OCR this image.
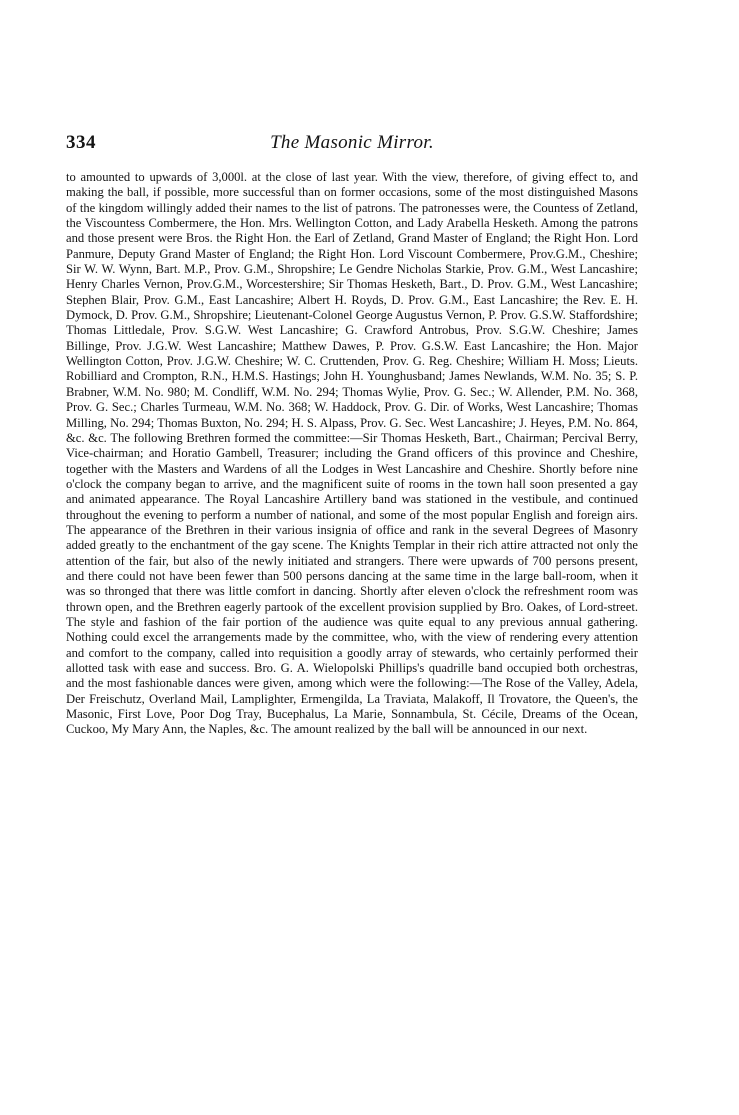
334	The Masonic Mirror.

to amounted to upwards of 3,000l. at the close of last year. With the view, therefore, of giving effect to, and making the ball, if possible, more successful than on former occasions, some of the most distinguished Masons of the kingdom willingly added their names to the list of patrons. The patronesses were, the Countess of Zetland, the Viscountess Combermere, the Hon. Mrs. Wellington Cotton, and Lady Arabella Hesketh. Among the patrons and those present were Bros. the Right Hon. the Earl of Zetland, Grand Master of England; the Right Hon. Lord Panmure, Deputy Grand Master of England; the Right Hon. Lord Viscount Combermere, Prov.G.M., Cheshire; Sir W. W. Wynn, Bart. M.P., Prov. G.M., Shropshire; Le Gendre Nicholas Starkie, Prov. G.M., West Lancashire; Henry Charles Vernon, Prov.G.M., Worcestershire; Sir Thomas Hesketh, Bart., D. Prov. G.M., West Lancashire; Stephen Blair, Prov. G.M., East Lancashire; Albert H. Royds, D. Prov. G.M., East Lancashire; the Rev. E. H. Dymock, D. Prov. G.M., Shropshire; Lieutenant-Colonel George Augustus Vernon, P. Prov. G.S.W. Staffordshire; Thomas Littledale, Prov. S.G.W. West Lancashire; G. Crawford Antrobus, Prov. S.G.W. Cheshire; James Billinge, Prov. J.G.W. West Lancashire; Matthew Dawes, P. Prov. G.S.W. East Lancashire; the Hon. Major Wellington Cotton, Prov. J.G.W. Cheshire; W. C. Cruttenden, Prov. G. Reg. Cheshire; William H. Moss; Lieuts. Robilliard and Crompton, R.N., H.M.S. Hastings; John H. Younghusband; James Newlands, W.M. No. 35; S. P. Brabner, W.M. No. 980; M. Condliff, W.M. No. 294; Thomas Wylie, Prov. G. Sec.; W. Allender, P.M. No. 368, Prov. G. Sec.; Charles Turmeau, W.M. No. 368; W. Haddock, Prov. G. Dir. of Works, West Lancashire; Thomas Milling, No. 294; Thomas Buxton, No. 294; H. S. Alpass, Prov. G. Sec. West Lancashire; J. Heyes, P.M. No. 864, &c. &c. The following Brethren formed the committee:—Sir Thomas Hesketh, Bart., Chairman; Percival Berry, Vice-chairman; and Horatio Gambell, Treasurer; including the Grand officers of this province and Cheshire, together with the Masters and Wardens of all the Lodges in West Lancashire and Cheshire. Shortly before nine o'clock the company began to arrive, and the magnificent suite of rooms in the town hall soon presented a gay and animated appearance. The Royal Lancashire Artillery band was stationed in the vestibule, and continued throughout the evening to perform a number of national, and some of the most popular English and foreign airs. The appearance of the Brethren in their various insignia of office and rank in the several Degrees of Masonry added greatly to the enchantment of the gay scene. The Knights Templar in their rich attire attracted not only the attention of the fair, but also of the newly initiated and strangers. There were upwards of 700 persons present, and there could not have been fewer than 500 persons dancing at the same time in the large ball-room, when it was so thronged that there was little comfort in dancing. Shortly after eleven o'clock the refreshment room was thrown open, and the Brethren eagerly partook of the excellent provision supplied by Bro. Oakes, of Lord-street. The style and fashion of the fair portion of the audience was quite equal to any previous annual gathering. Nothing could excel the arrangements made by the committee, who, with the view of rendering every attention and comfort to the company, called into requisition a goodly array of stewards, who certainly performed their allotted task with ease and success. Bro. G. A. Wielopolski Phillips's quadrille band occupied both orchestras, and the most fashionable dances were given, among which were the following:—The Rose of the Valley, Adela, Der Freischutz, Overland Mail, Lamplighter, Ermengilda, La Traviata, Malakoff, Il Trovatore, the Queen's, the Masonic, First Love, Poor Dog Tray, Bucephalus, La Marie, Sonnambula, St. Cécile, Dreams of the Ocean, Cuckoo, My Mary Ann, the Naples, &c. The amount realized by the ball will be announced in our next.
